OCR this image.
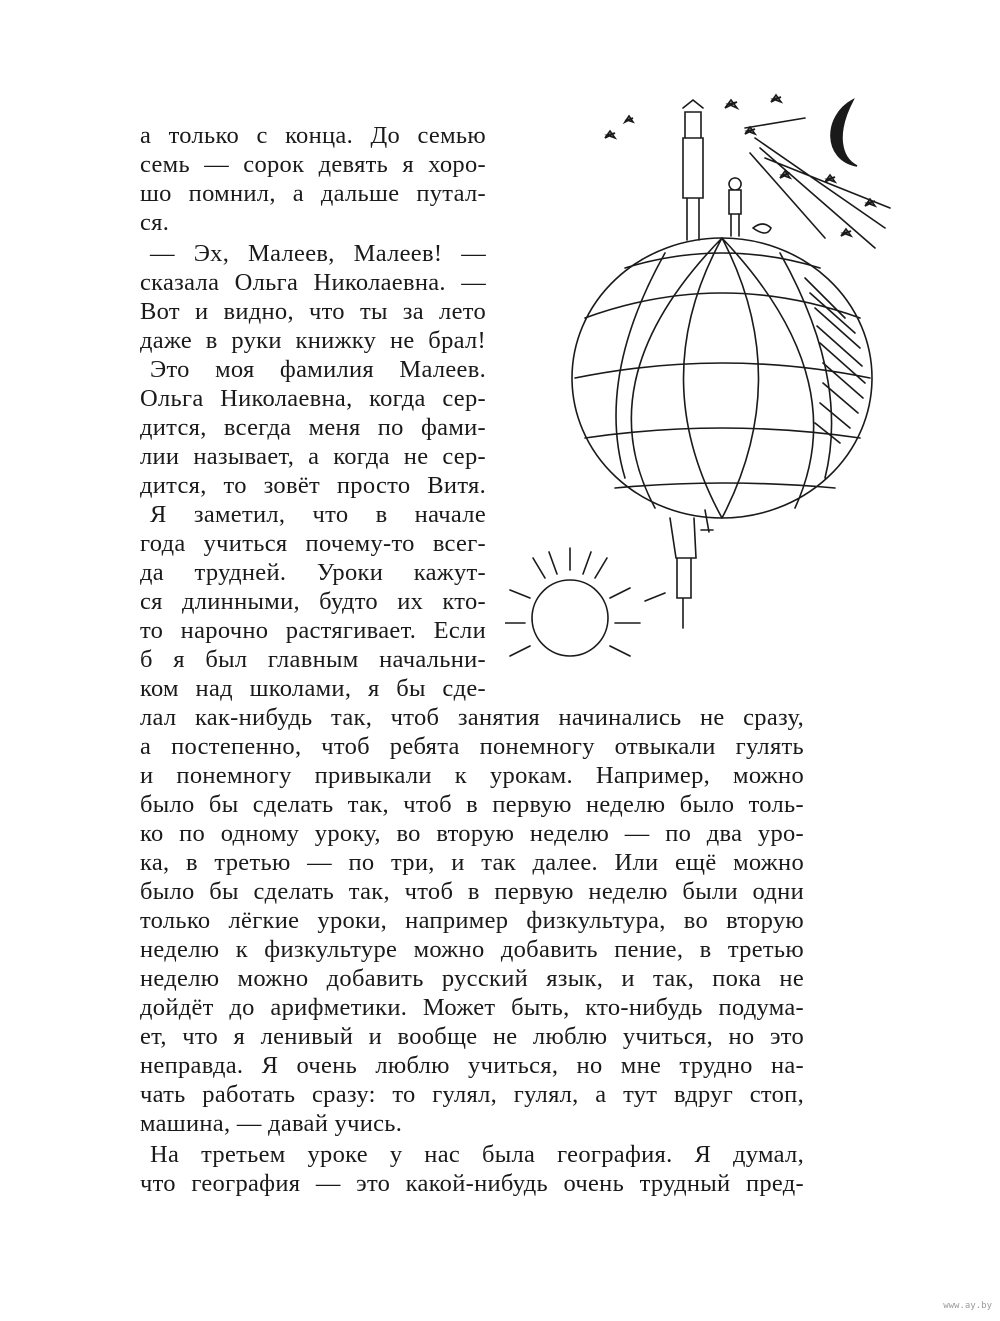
а только с конца. До семью
семь — сорок девять я хоро-
шо помнил, а дальше путал-
ся.
— Эх, Малеев, Малеев! —
сказала Ольга Николаевна. —
Вот и видно, что ты за лето
даже в руки книжку не брал!
Это моя фамилия Малеев.
Ольга Николаевна, когда сер-
дится, всегда меня по фами-
лии называет, а когда не сер-
дится, то зовёт просто Витя.
Я заметил, что в начале
года учиться почему-то всег-
да трудней. Уроки кажут-
ся длинными, будто их кто-
то нарочно растягивает. Если
б я был главным начальни-
ком над школами, я бы сде-
лал как-нибудь так, чтоб занятия начинались не сразу,
а постепенно, чтоб ребята понемногу отвыкали гулять
и понемногу привыкали к урокам. Например, можно
было бы сделать так, чтоб в первую неделю было толь-
ко по одному уроку, во вторую неделю — по два уро-
ка, в третью — по три, и так далее. Или ещё можно
было бы сделать так, чтоб в первую неделю были одни
только лёгкие уроки, например физкультура, во вторую
неделю к физкультуре можно добавить пение, в третью
неделю можно добавить русский язык, и так, пока не
дойдёт до арифметики. Может быть, кто-нибудь подума-
ет, что я ленивый и вообще не люблю учиться, но это
неправда. Я очень люблю учиться, но мне трудно на-
чать работать сразу: то гулял, гулял, а тут вдруг стоп,
машина, — давай учись.
На третьем уроке у нас была география. Я думал,
что география — это какой-нибудь очень трудный пред-
www.ay.by
